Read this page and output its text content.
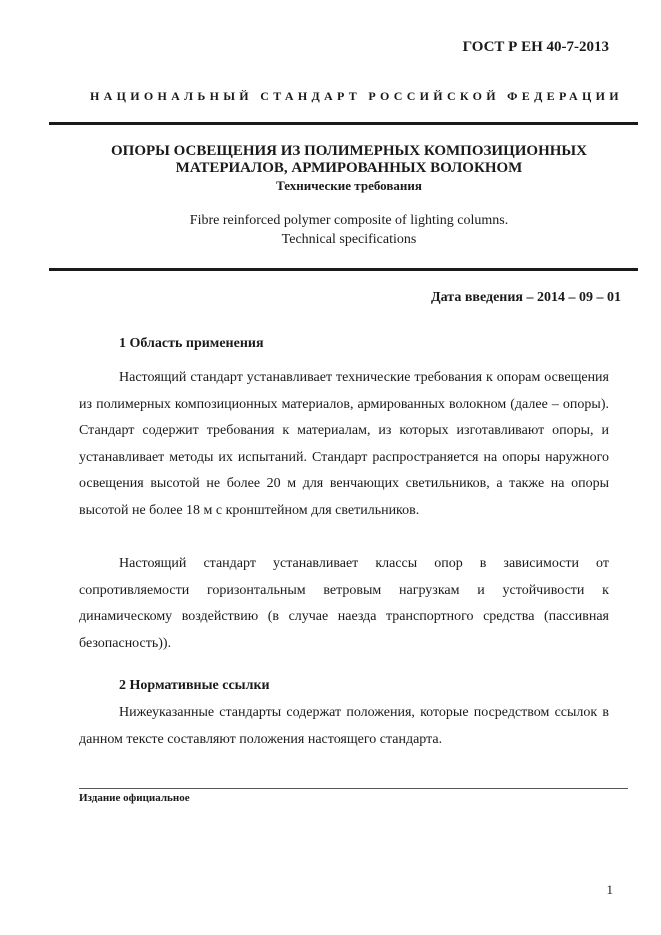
ГОСТ Р ЕН 40-7-2013
НАЦИОНАЛЬНЫЙ СТАНДАРТ РОССИЙСКОЙ ФЕДЕРАЦИИ

ОПОРЫ ОСВЕЩЕНИЯ ИЗ ПОЛИМЕРНЫХ КОМПОЗИЦИОННЫХ

МАТЕРИАЛОВ, АРМИРОВАННЫХ ВОЛОКНОМ

Технические требования

Fibre reinforced polymer composite of lighting columns.
Technical specifications
Дата введения – 2014 – 09 – 01
1 Область применения

Настоящий стандарт устанавливает технические требования к опорам освещения из полимерных композиционных материалов, армированных волокном (далее – опоры). Стандарт содержит требования к материалам, из которых изготавливают опоры, и устанавливает методы их испытаний. Стандарт распространяется на опоры наружного освещения высотой не более 20 м для венчающих светильников, а также на опоры высотой не более 18 м с кронштейном для светильников.

Настоящий стандарт устанавливает классы опор в зависимости от сопротивляемости горизонтальным ветровым нагрузкам и устойчивости к динамическому воздействию (в случае наезда транспортного средства (пассивная безопасность)).

2 Нормативные ссылки

Нижеуказанные стандарты содержат положения, которые посредством ссылок в данном тексте составляют положения настоящего стандарта.

Издание официальное
1
